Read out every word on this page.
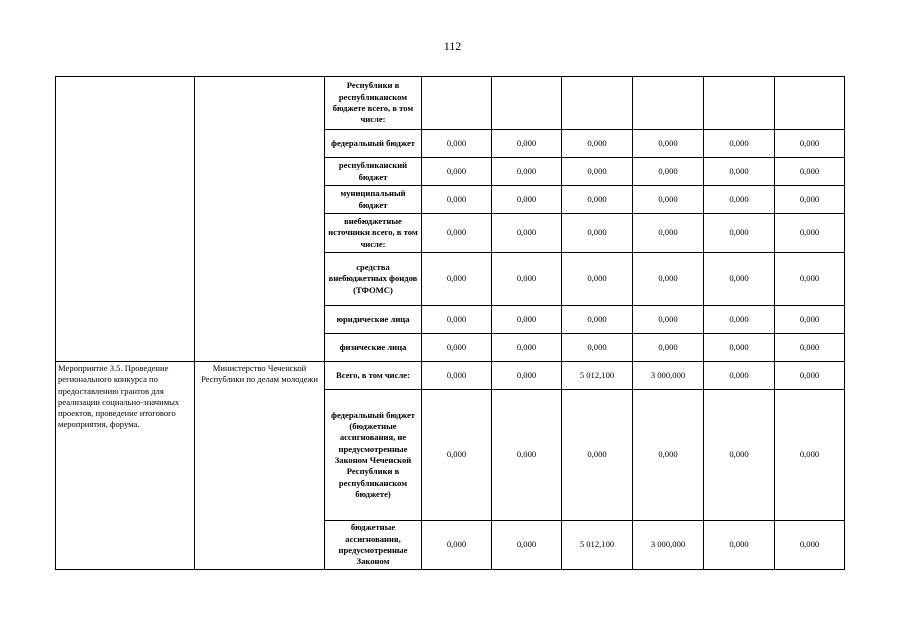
112
		Республики в республиканском бюджете всего, в том числе:						
		федеральный бюджет	0,000	0,000	0,000	0,000	0,000	0,000
		республиканский бюджет	0,000	0,000	0,000	0,000	0,000	0,000
		муниципальный бюджет	0,000	0,000	0,000	0,000	0,000	0,000
		внебюджетные источники всего, в том числе:	0,000	0,000	0,000	0,000	0,000	0,000
		средства внебюджетных фондов (ТФОМС)	0,000	0,000	0,000	0,000	0,000	0,000
		юридические лица	0,000	0,000	0,000	0,000	0,000	0,000
		физические лица	0,000	0,000	0,000	0,000	0,000	0,000
Мероприятие 3.5. Проведение регионального конкурса по предоставлению грантов для реализации социально-значимых проектов, проведение итогового мероприятия, форума.	Министерство Чеченской Республики по делам молодежи	Всего, в том числе:	0,000	0,000	5 012,100	3 000,000	0,000	0,000
		федеральный бюджет (бюджетные ассигнования, не предусмотренные Законом Чеченской Республики в республиканском бюджете)	0,000	0,000	0,000	0,000	0,000	0,000
		бюджетные ассигнования, предусмотренные Законом	0,000	0,000	5 012,100	3 000,000	0,000	0,000
